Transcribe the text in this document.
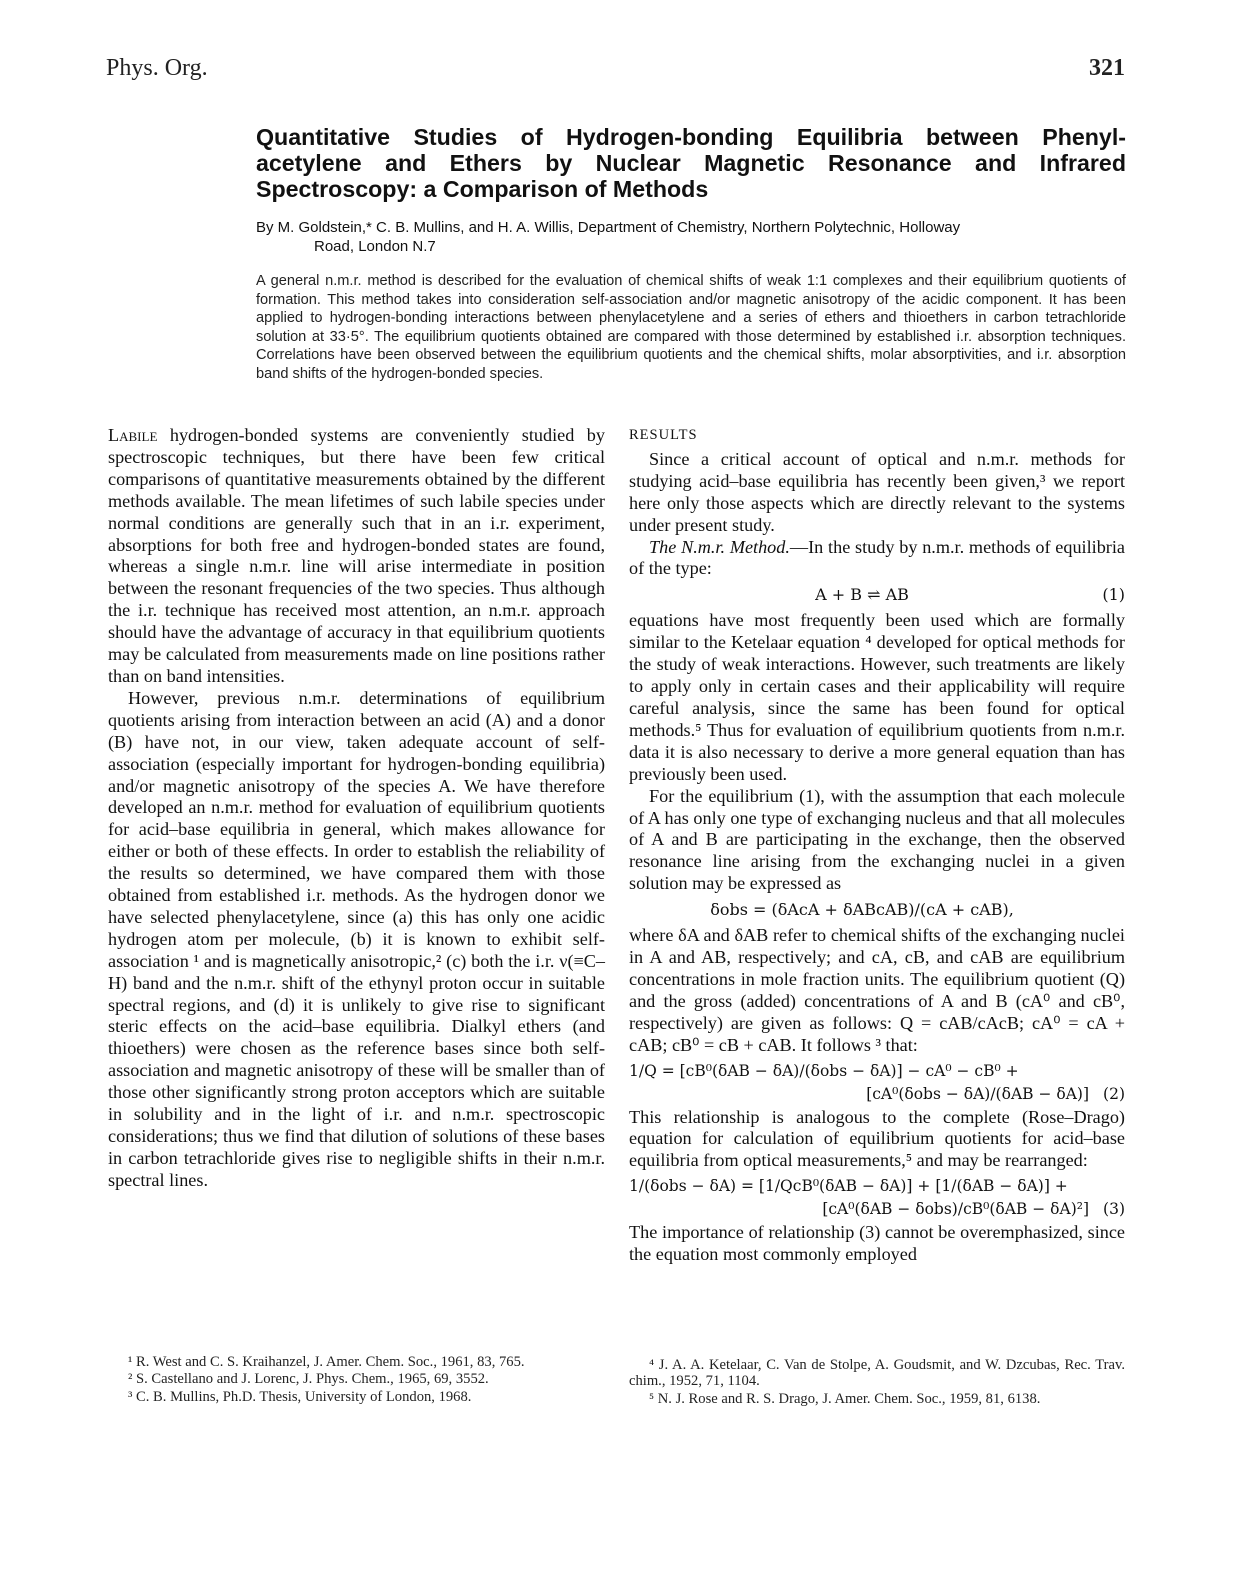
Phys. Org.	321
Quantitative Studies of Hydrogen-bonding Equilibria between Phenyl-acetylene and Ethers by Nuclear Magnetic Resonance and Infrared Spectroscopy: a Comparison of Methods
By M. Goldstein,* C. B. Mullins, and H. A. Willis, Department of Chemistry, Northern Polytechnic, Holloway
Road, London N.7
A general n.m.r. method is described for the evaluation of chemical shifts of weak 1:1 complexes and their equilibrium quotients of formation. This method takes into consideration self-association and/or magnetic anisotropy of the acidic component. It has been applied to hydrogen-bonding interactions between phenylacetylene and a series of ethers and thioethers in carbon tetrachloride solution at 33·5°. The equilibrium quotients obtained are compared with those determined by established i.r. absorption techniques. Correlations have been observed between the equilibrium quotients and the chemical shifts, molar absorptivities, and i.r. absorption band shifts of the hydrogen-bonded species.

Labile hydrogen-bonded systems are conveniently studied by spectroscopic techniques, but there have been few critical comparisons of quantitative measurements obtained by the different methods available. The mean lifetimes of such labile species under normal conditions are generally such that in an i.r. experiment, absorptions for both free and hydrogen-bonded states are found, whereas a single n.m.r. line will arise intermediate in position between the resonant frequencies of the two species. Thus although the i.r. technique has received most attention, an n.m.r. approach should have the advantage of accuracy in that equilibrium quotients may be calculated from measurements made on line positions rather than on band intensities.

However, previous n.m.r. determinations of equilibrium quotients arising from interaction between an acid (A) and a donor (B) have not, in our view, taken adequate account of self-association (especially important for hydrogen-bonding equilibria) and/or magnetic anisotropy of the species A. We have therefore developed an n.m.r. method for evaluation of equilibrium quotients for acid–base equilibria in general, which makes allowance for either or both of these effects. In order to establish the reliability of the results so determined, we have compared them with those obtained from established i.r. methods. As the hydrogen donor we have selected phenylacetylene, since (a) this has only one acidic hydrogen atom per molecule, (b) it is known to exhibit self-association ¹ and is magnetically anisotropic,² (c) both the i.r. ν(≡C–H) band and the n.m.r. shift of the ethynyl proton occur in suitable spectral regions, and (d) it is unlikely to give rise to significant steric effects on the acid–base equilibria. Dialkyl ethers (and thioethers) were chosen as the reference bases since both self-association and magnetic anisotropy of these will be smaller than of those other significantly strong proton acceptors which are suitable in solubility and in the light of i.r. and n.m.r. spectroscopic considerations; thus we find that dilution of solutions of these bases in carbon tetrachloride gives rise to negligible shifts in their n.m.r. spectral lines.

RESULTS

Since a critical account of optical and n.m.r. methods for studying acid–base equilibria has recently been given,³ we report here only those aspects which are directly relevant to the systems under present study.

The N.m.r. Method.—In the study by n.m.r. methods of equilibria of the type:

A + B ⇌ AB	(1)

equations have most frequently been used which are formally similar to the Ketelaar equation ⁴ developed for optical methods for the study of weak interactions. However, such treatments are likely to apply only in certain cases and their applicability will require careful analysis, since the same has been found for optical methods.⁵ Thus for evaluation of equilibrium quotients from n.m.r. data it is also necessary to derive a more general equation than has previously been used.

For the equilibrium (1), with the assumption that each molecule of A has only one type of exchanging nucleus and that all molecules of A and B are participating in the exchange, then the observed resonance line arising from the exchanging nuclei in a given solution may be expressed as

δobs = (δAcA + δABcAB)/(cA + cAB),

where δA and δAB refer to chemical shifts of the exchanging nuclei in A and AB, respectively; and cA, cB, and cAB are equilibrium concentrations in mole fraction units. The equilibrium quotient (Q) and the gross (added) concentrations of A and B (cA⁰ and cB⁰, respectively) are given as follows: Q = cAB/cAcB; cA⁰ = cA + cAB; cB⁰ = cB + cAB. It follows ³ that:

1/Q = [cB⁰(δAB − δA)/(δobs − δA)] − cA⁰ − cB⁰ +
[cA⁰(δobs − δA)/(δAB − δA)] (2)

This relationship is analogous to the complete (Rose–Drago) equation for calculation of equilibrium quotients for acid–base equilibria from optical measurements,⁵ and may be rearranged:

1/(δobs − δA) = [1/QcB⁰(δAB − δA)] + [1/(δAB − δA)] +
[cA⁰(δAB − δobs)/cB⁰(δAB − δA)²] (3)

The importance of relationship (3) cannot be overemphasized, since the equation most commonly employed

¹ R. West and C. S. Kraihanzel, J. Amer. Chem. Soc., 1961, 83, 765.

² S. Castellano and J. Lorenc, J. Phys. Chem., 1965, 69, 3552.

³ C. B. Mullins, Ph.D. Thesis, University of London, 1968.

⁴ J. A. A. Ketelaar, C. Van de Stolpe, A. Goudsmit, and W. Dzcubas, Rec. Trav. chim., 1952, 71, 1104.

⁵ N. J. Rose and R. S. Drago, J. Amer. Chem. Soc., 1959, 81, 6138.
